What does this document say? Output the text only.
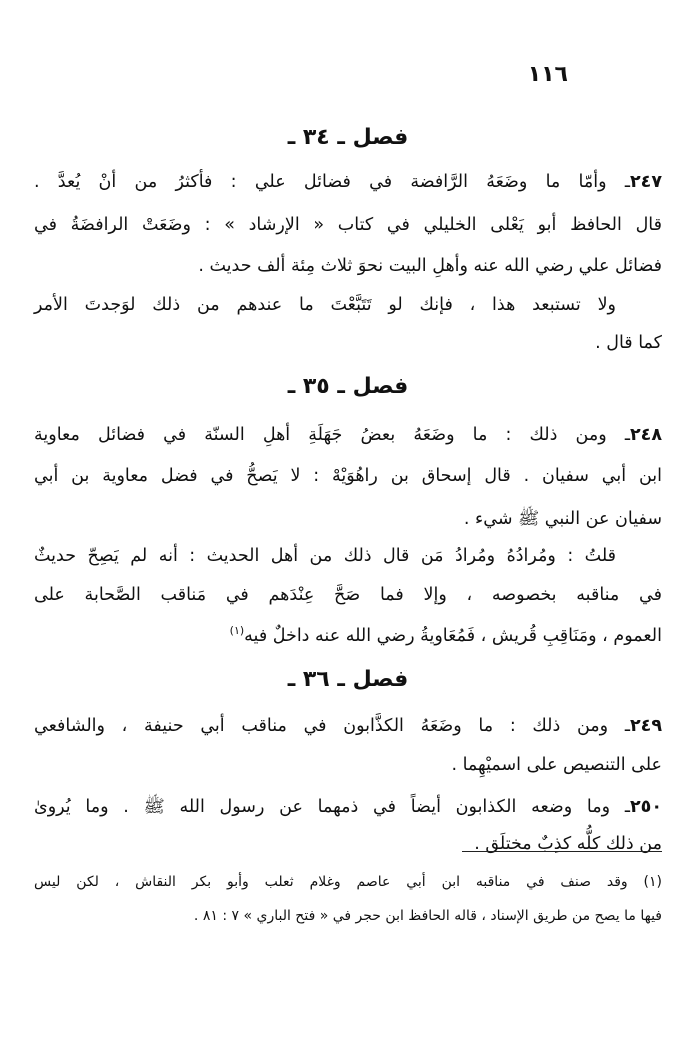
١١٦
فصل ـ ٣٤ ـ
٢٤٧ـ وأمّا ما وضَعَهُ الرَّافضة في فضائل علي : فأكثرُ من أنْ يُعدَّ .
قال الحافظ أبو يَعْلى الخليلي في كتاب « الإرشاد » : وضَعَتْ الرافضَةُ في
فضائل علي رضي الله عنه وأهلِ البيت نحوَ ثلاث مِئة ألف حديث .
ولا تستبعد هذا ، فإنك لو تَتَبَّعْتَ ما عندهم من ذلك لوَجدتَ الأمر
كما قال .
فصل ـ ٣٥ ـ
٢٤٨ـ ومن ذلك : ما وضَعَهُ بعضُ جَهَلَةِ أهلِ السنّة في فضائل معاوية
ابن أبي سفيان . قال إسحاق بن راهُوَيْهْ : لا يَصحُّ في فضل معاوية بن أبي
سفيان عن النبي ﷺ شيء .
قلتُ : ومُرادُهُ ومُرادُ مَن قال ذلك من أهل الحديث : أنه لم يَصِحّ حديثٌ
في مناقبه بخصوصه ، وإلا فما صَحَّ عِنْدَهم في مَناقب الصَّحابة على
العموم ، ومَنَاقِبِ قُريش ، فَمُعَاويةُ رضي الله عنه داخلٌ فيه$^{(١)}$
فصل ـ ٣٦ ـ
٢٤٩ـ ومن ذلك : ما وضَعَهُ الكذَّابون في مناقب أبي حنيفة ، والشافعي
على التنصيص على اسميْهِما .
٢٥٠ـ وما وضعه الكذابون أيضاً في ذمهما عن رسول الله ﷺ . وما يُروىٰ
من ذلك كلُّه كذِبٌ مختلَق .
(١) وقد صنف في مناقبه ابن أبي عاصم وغلام ثعلب وأبو بكر النقاش ، لكن ليس
فيها ما يصح من طريق الإسناد ، قاله الحافظ ابن حجر في « فتح الباري » ٧ : ٨١ .
